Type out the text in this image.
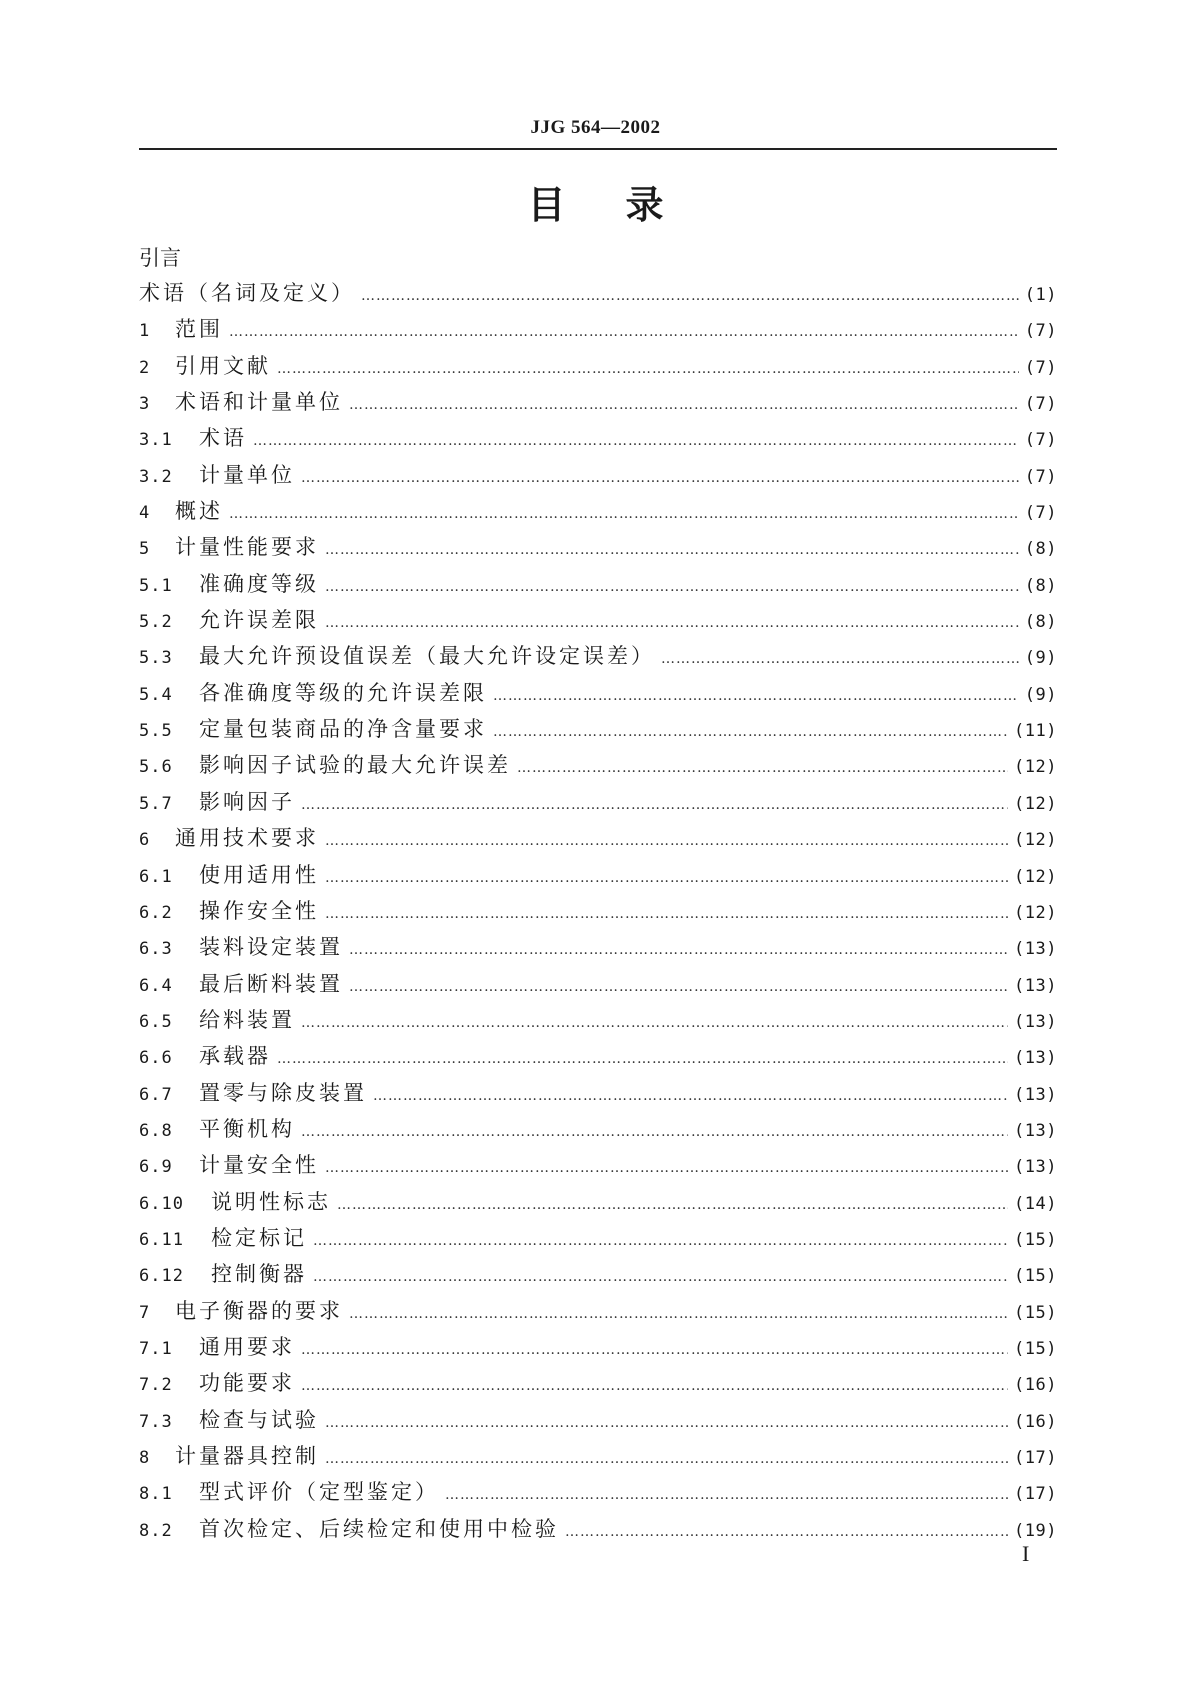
JJG 564—2002
目录
引言
术语（名词及定义） ……………………………………………………………………………………………………………………………………………………………………………………………………………………	(1)
1	范围 ……………………………………………………………………………………………………………………………………………………………………………………………………………………	(7)
2	引用文献 ……………………………………………………………………………………………………………………………………………………………………………………………………………………	(7)
3	术语和计量单位 ……………………………………………………………………………………………………………………………………………………………………………………………………………………	(7)
3.1	术语 ……………………………………………………………………………………………………………………………………………………………………………………………………………………	(7)
3.2	计量单位 ……………………………………………………………………………………………………………………………………………………………………………………………………………………	(7)
4	概述 ……………………………………………………………………………………………………………………………………………………………………………………………………………………	(7)
5	计量性能要求 ……………………………………………………………………………………………………………………………………………………………………………………………………………………	(8)
5.1	准确度等级 ……………………………………………………………………………………………………………………………………………………………………………………………………………………	(8)
5.2	允许误差限 ……………………………………………………………………………………………………………………………………………………………………………………………………………………	(8)
5.3	最大允许预设值误差（最大允许设定误差） ……………………………………………………………………………………………………………………………………………………………………………………………………………………	(9)
5.4	各准确度等级的允许误差限 ……………………………………………………………………………………………………………………………………………………………………………………………………………………	(9)
5.5	定量包装商品的净含量要求 ……………………………………………………………………………………………………………………………………………………………………………………………………………………	(11)
5.6	影响因子试验的最大允许误差 ……………………………………………………………………………………………………………………………………………………………………………………………………………………	(12)
5.7	影响因子 ……………………………………………………………………………………………………………………………………………………………………………………………………………………	(12)
6	通用技术要求 ……………………………………………………………………………………………………………………………………………………………………………………………………………………	(12)
6.1	使用适用性 ……………………………………………………………………………………………………………………………………………………………………………………………………………………	(12)
6.2	操作安全性 ……………………………………………………………………………………………………………………………………………………………………………………………………………………	(12)
6.3	装料设定装置 ……………………………………………………………………………………………………………………………………………………………………………………………………………………	(13)
6.4	最后断料装置 ……………………………………………………………………………………………………………………………………………………………………………………………………………………	(13)
6.5	给料装置 ……………………………………………………………………………………………………………………………………………………………………………………………………………………	(13)
6.6	承载器 ……………………………………………………………………………………………………………………………………………………………………………………………………………………	(13)
6.7	置零与除皮装置 ……………………………………………………………………………………………………………………………………………………………………………………………………………………	(13)
6.8	平衡机构 ……………………………………………………………………………………………………………………………………………………………………………………………………………………	(13)
6.9	计量安全性 ……………………………………………………………………………………………………………………………………………………………………………………………………………………	(13)
6.10	说明性标志 ……………………………………………………………………………………………………………………………………………………………………………………………………………………	(14)
6.11	检定标记 ……………………………………………………………………………………………………………………………………………………………………………………………………………………	(15)
6.12	控制衡器 ……………………………………………………………………………………………………………………………………………………………………………………………………………………	(15)
7	电子衡器的要求 ……………………………………………………………………………………………………………………………………………………………………………………………………………………	(15)
7.1	通用要求 ……………………………………………………………………………………………………………………………………………………………………………………………………………………	(15)
7.2	功能要求 ……………………………………………………………………………………………………………………………………………………………………………………………………………………	(16)
7.3	检查与试验 ……………………………………………………………………………………………………………………………………………………………………………………………………………………	(16)
8	计量器具控制 ……………………………………………………………………………………………………………………………………………………………………………………………………………………	(17)
8.1	型式评价（定型鉴定） ……………………………………………………………………………………………………………………………………………………………………………………………………………………	(17)
8.2	首次检定、后续检定和使用中检验 ……………………………………………………………………………………………………………………………………………………………………………………………………………………	(19)
I
